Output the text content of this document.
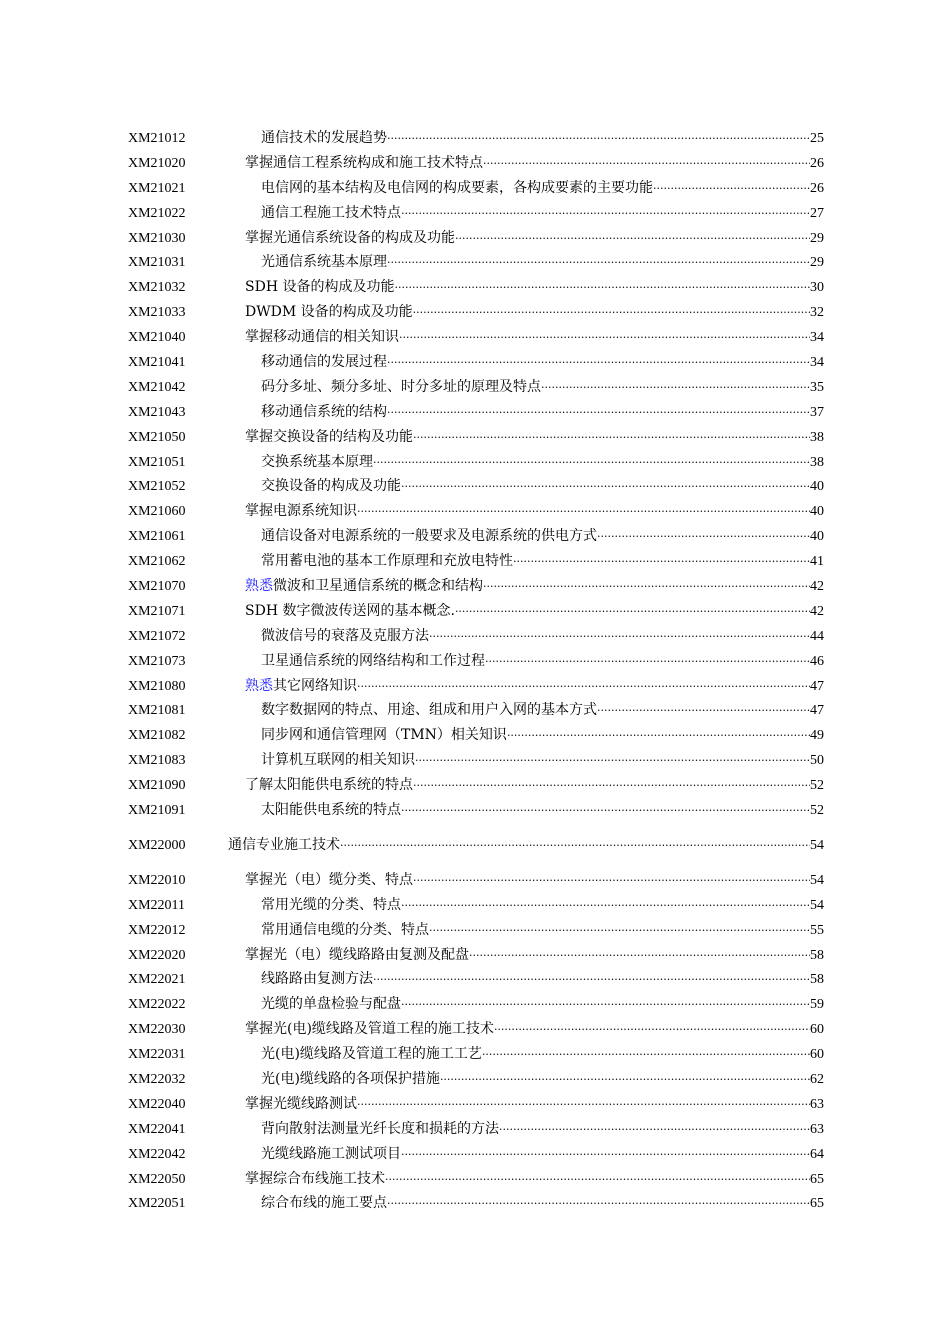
XM21012	通信技术的发展趋势 ·····	25
XM21020	掌握通信工程系统构成和施工技术特点 ·····	26
XM21021	电信网的基本结构及电信网的构成要素，各构成要素的主要功能 ·····	26
XM21022	通信工程施工技术特点 ·····	27
XM21030	掌握光通信系统设备的构成及功能 ·····	29
XM21031	光通信系统基本原理 ·····	29
XM21032	SDH 设备的构成及功能 ·····	30
XM21033	DWDM 设备的构成及功能 ·····	32
XM21040	掌握移动通信的相关知识 ·····	34
XM21041	移动通信的发展过程 ·····	34
XM21042	码分多址、频分多址、时分多址的原理及特点 ·····	35
XM21043	移动通信系统的结构 ·····	37
XM21050	掌握交换设备的结构及功能 ·····	38
XM21051	交换系统基本原理 ·····	38
XM21052	交换设备的构成及功能 ·····	40
XM21060	掌握电源系统知识 ·····	40
XM21061	通信设备对电源系统的一般要求及电源系统的供电方式 ·····	40
XM21062	常用蓄电池的基本工作原理和充放电特性 ·····	41
XM21070	熟悉微波和卫星通信系统的概念和结构 ·····	42
XM21071	SDH 数字微波传送网的基本概念. ·····	42
XM21072	微波信号的衰落及克服方法 ·····	44
XM21073	卫星通信系统的网络结构和工作过程 ·····	46
XM21080	熟悉其它网络知识 ·····	47
XM21081	数字数据网的特点、用途、组成和用户入网的基本方式 ·····	47
XM21082	同步网和通信管理网（TMN）相关知识 ·····	49
XM21083	计算机互联网的相关知识 ·····	50
XM21090	了解太阳能供电系统的特点 ·····	52
XM21091	太阳能供电系统的特点 ·····	52
XM22000	通信专业施工技术 ·····	54
XM22010	掌握光（电）缆分类、特点 ·····	54
XM22011	常用光缆的分类、特点 ·····	54
XM22012	常用通信电缆的分类、特点 ·····	55
XM22020	掌握光（电）缆线路路由复测及配盘 ·····	58
XM22021	线路路由复测方法 ·····	58
XM22022	光缆的单盘检验与配盘 ·····	59
XM22030	掌握光(电)缆线路及管道工程的施工技术 ·····	60
XM22031	光(电)缆线路及管道工程的施工工艺 ·····	60
XM22032	光(电)缆线路的各项保护措施 ·····	62
XM22040	掌握光缆线路测试 ·····	63
XM22041	背向散射法测量光纤长度和损耗的方法 ·····	63
XM22042	光缆线路施工测试项目 ·····	64
XM22050	掌握综合布线施工技术 ·····	65
XM22051	综合布线的施工要点 ·····	65
